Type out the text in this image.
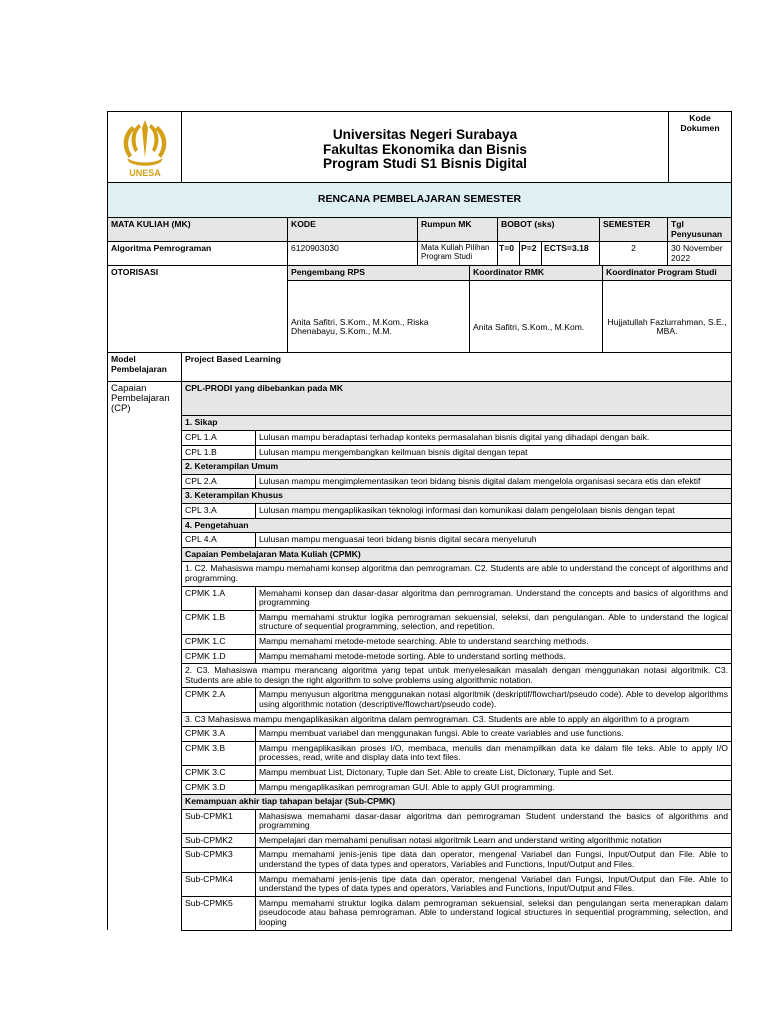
UNESA

Universitas Negeri Surabaya
Fakultas Ekonomika dan Bisnis
Program Studi S1 Bisnis Digital
	Kode Dokumen
RENCANA PEMBELAJARAN SEMESTER
MATA KULIAH (MK)	KODE	Rumpun MK	BOBOT (sks)			SEMESTER	Tgl Penyusunan
Algoritma Pemrograman	6120903030	Mata Kuliah Pilihan Program Studi	T=0	P=2	ECTS=3.18	2	30 November 2022
OTORISASI	Pengembang RPS	Koordinator RMK	Koordinator Program Studi
	Anita Safitri, S.Kom., M.Kom., Riska Dhenabayu, S.Kom., M.M.	Anita Safitri, S.Kom., M.Kom.	Hujjatullah Fazlurrahman, S.E., MBA.
Model Pembelajaran	Project Based Learning	

Capaian Pembelajaran (CP)	CPL-PRODI yang dibebankan pada MK	
	1. Sikap	
	CPL 1.A	Lulusan mampu beradaptasi terhadap konteks permasalahan bisnis digital yang dihadapi dengan baik.
	CPL 1.B	Lulusan mampu mengembangkan keilmuan bisnis digital dengan tepat
	2. Keterampilan Umum	
	CPL 2.A	Lulusan mampu mengimplementasikan teori bidang bisnis digital dalam mengelola organisasi secara etis dan efektif
	3. Keterampilan Khusus	
	CPL 3.A	Lulusan mampu mengaplikasikan teknologi informasi dan komunikasi dalam pengelolaan bisnis dengan tepat
	4. Pengetahuan	
	CPL 4.A	Lulusan mampu menguasai teori bidang bisnis digital secara menyeluruh
	Capaian Pembelajaran Mata Kuliah (CPMK)	
	1. C2. Mahasiswa mampu memahami konsep algoritma dan pemrograman. C2. Students are able to understand the concept of algorithms and programming.	
	CPMK 1.A	Memahami konsep dan dasar-dasar algoritma dan pemrograman. Understand the concepts and basics of algorithms and programming
	CPMK 1.B	Mampu memahami struktur logika pemrograman sekuensial, seleksi, dan pengulangan. Able to understand the logical structure of sequential programming, selection, and repetition.
	CPMK 1.C	Mampu memahami metode-metode searching. Able to understand searching methods.
	CPMK 1.D	Mampu memahami metode-metode sorting. Able to understand sorting methods.
	2. C3. Mahasiswa mampu merancang algoritma yang tepat untuk menyelesaikan masalah dengan menggunakan notasi algoritmik. C3. Students are able to design the right algorithm to solve problems using algorithmic notation.	
	CPMK 2.A	Mampu menyusun algoritma menggunakan notasi algoritmik (deskriptif/flowchart/pseudo code). Able to develop algorithms using algorithmic notation (descriptive/flowchart/pseudo code).
	3. C3 Mahasiswa mampu mengaplikasikan algoritma dalam pemrograman. C3. Students are able to apply an algorithm to a program	
	CPMK 3.A	Mampu membuat variabel dan menggunakan fungsi. Able to create variables and use functions.
	CPMK 3.B	Mampu mengaplikasikan proses I/O, membaca, menulis dan menampilkan data ke dalam file teks. Able to apply I/O processes, read, write and display data into text files.
	CPMK 3.C	Mampu membuat List, Dictonary, Tuple dan Set. Able to create List, Dictonary, Tuple and Set.
	CPMK 3.D	Mampu mengaplikasikan pemrograman GUI. Able to apply GUI programming.
	Kemampuan akhir tiap tahapan belajar (Sub-CPMK)	
	Sub-CPMK1	Mahasiswa memahami dasar-dasar algoritma dan pemrograman Student understand the basics of algorithms and programming
	Sub-CPMK2	Mempelajari dan memahami penulisan notasi algoritmik Learn and understand writing algorithmic notation
	Sub-CPMK3	Mampu memahami jenis-jenis tipe data dan operator, mengenal Variabel dan Fungsi, Input/Output dan File. Able to understand the types of data types and operators, Variables and Functions, Input/Output and Files.
	Sub-CPMK4	Mampu memahami jenis-jenis tipe data dan operator, mengenal Variabel dan Fungsi, Input/Output dan File. Able to understand the types of data types and operators, Variables and Functions, Input/Output and Files.
	Sub-CPMK5	Mampu memahami struktur logika dalam pemrograman sekuensial, seleksi dan pengulangan serta menerapkan dalam pseudocode atau bahasa pemrograman. Able to understand logical structures in sequential programming, selection, and looping
